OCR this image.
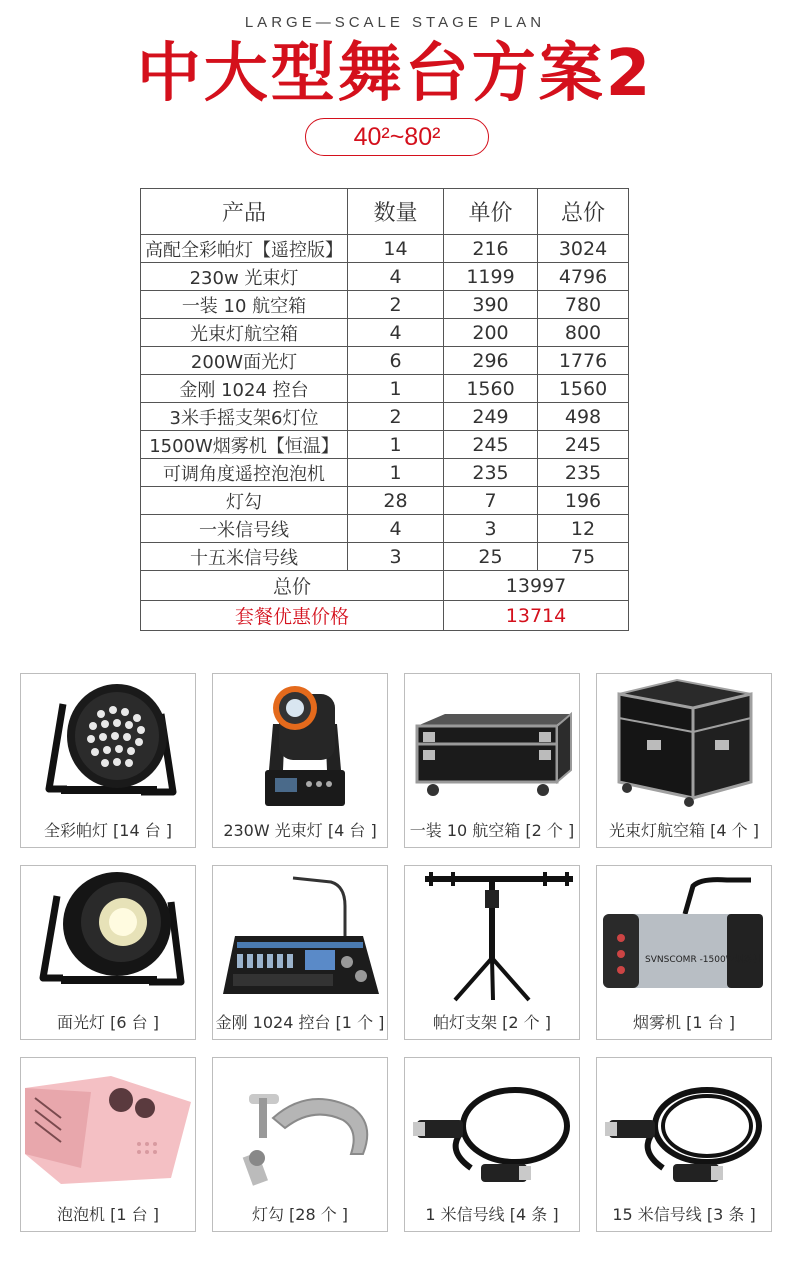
LARGE—SCALE STAGE PLAN
中大型舞台方案2
40²~80²
产品	数量	单价	总价
高配全彩帕灯【遥控版】	14	216	3024
230w 光束灯	4	1199	4796
一装 10 航空箱	2	390	780
光束灯航空箱	4	200	800
200W面光灯	6	296	1776
金刚 1024 控台	1	1560	1560
3米手摇支架6灯位	2	249	498
1500W烟雾机【恒温】	1	245	245
可调角度遥控泡泡机	1	235	235
灯勾	28	7	196
一米信号线	4	3	12
十五米信号线	3	25	75
总价		13997	
套餐优惠价格		13714	
全彩帕灯 [14 台 ]	230W 光束灯 [4 台 ]	一装 10 航空箱 [2 个 ]	光束灯航空箱 [4 个 ]
面光灯 [6 台 ]	金刚 1024 控台 [1 个 ]	帕灯支架 [2 个 ]
SVNSCOMR -1500W烟雾机
烟雾机 [1 台 ]
泡泡机 [1 台 ]	灯勾 [28 个 ]	1 米信号线 [4 条 ]	15 米信号线 [3 条 ]
